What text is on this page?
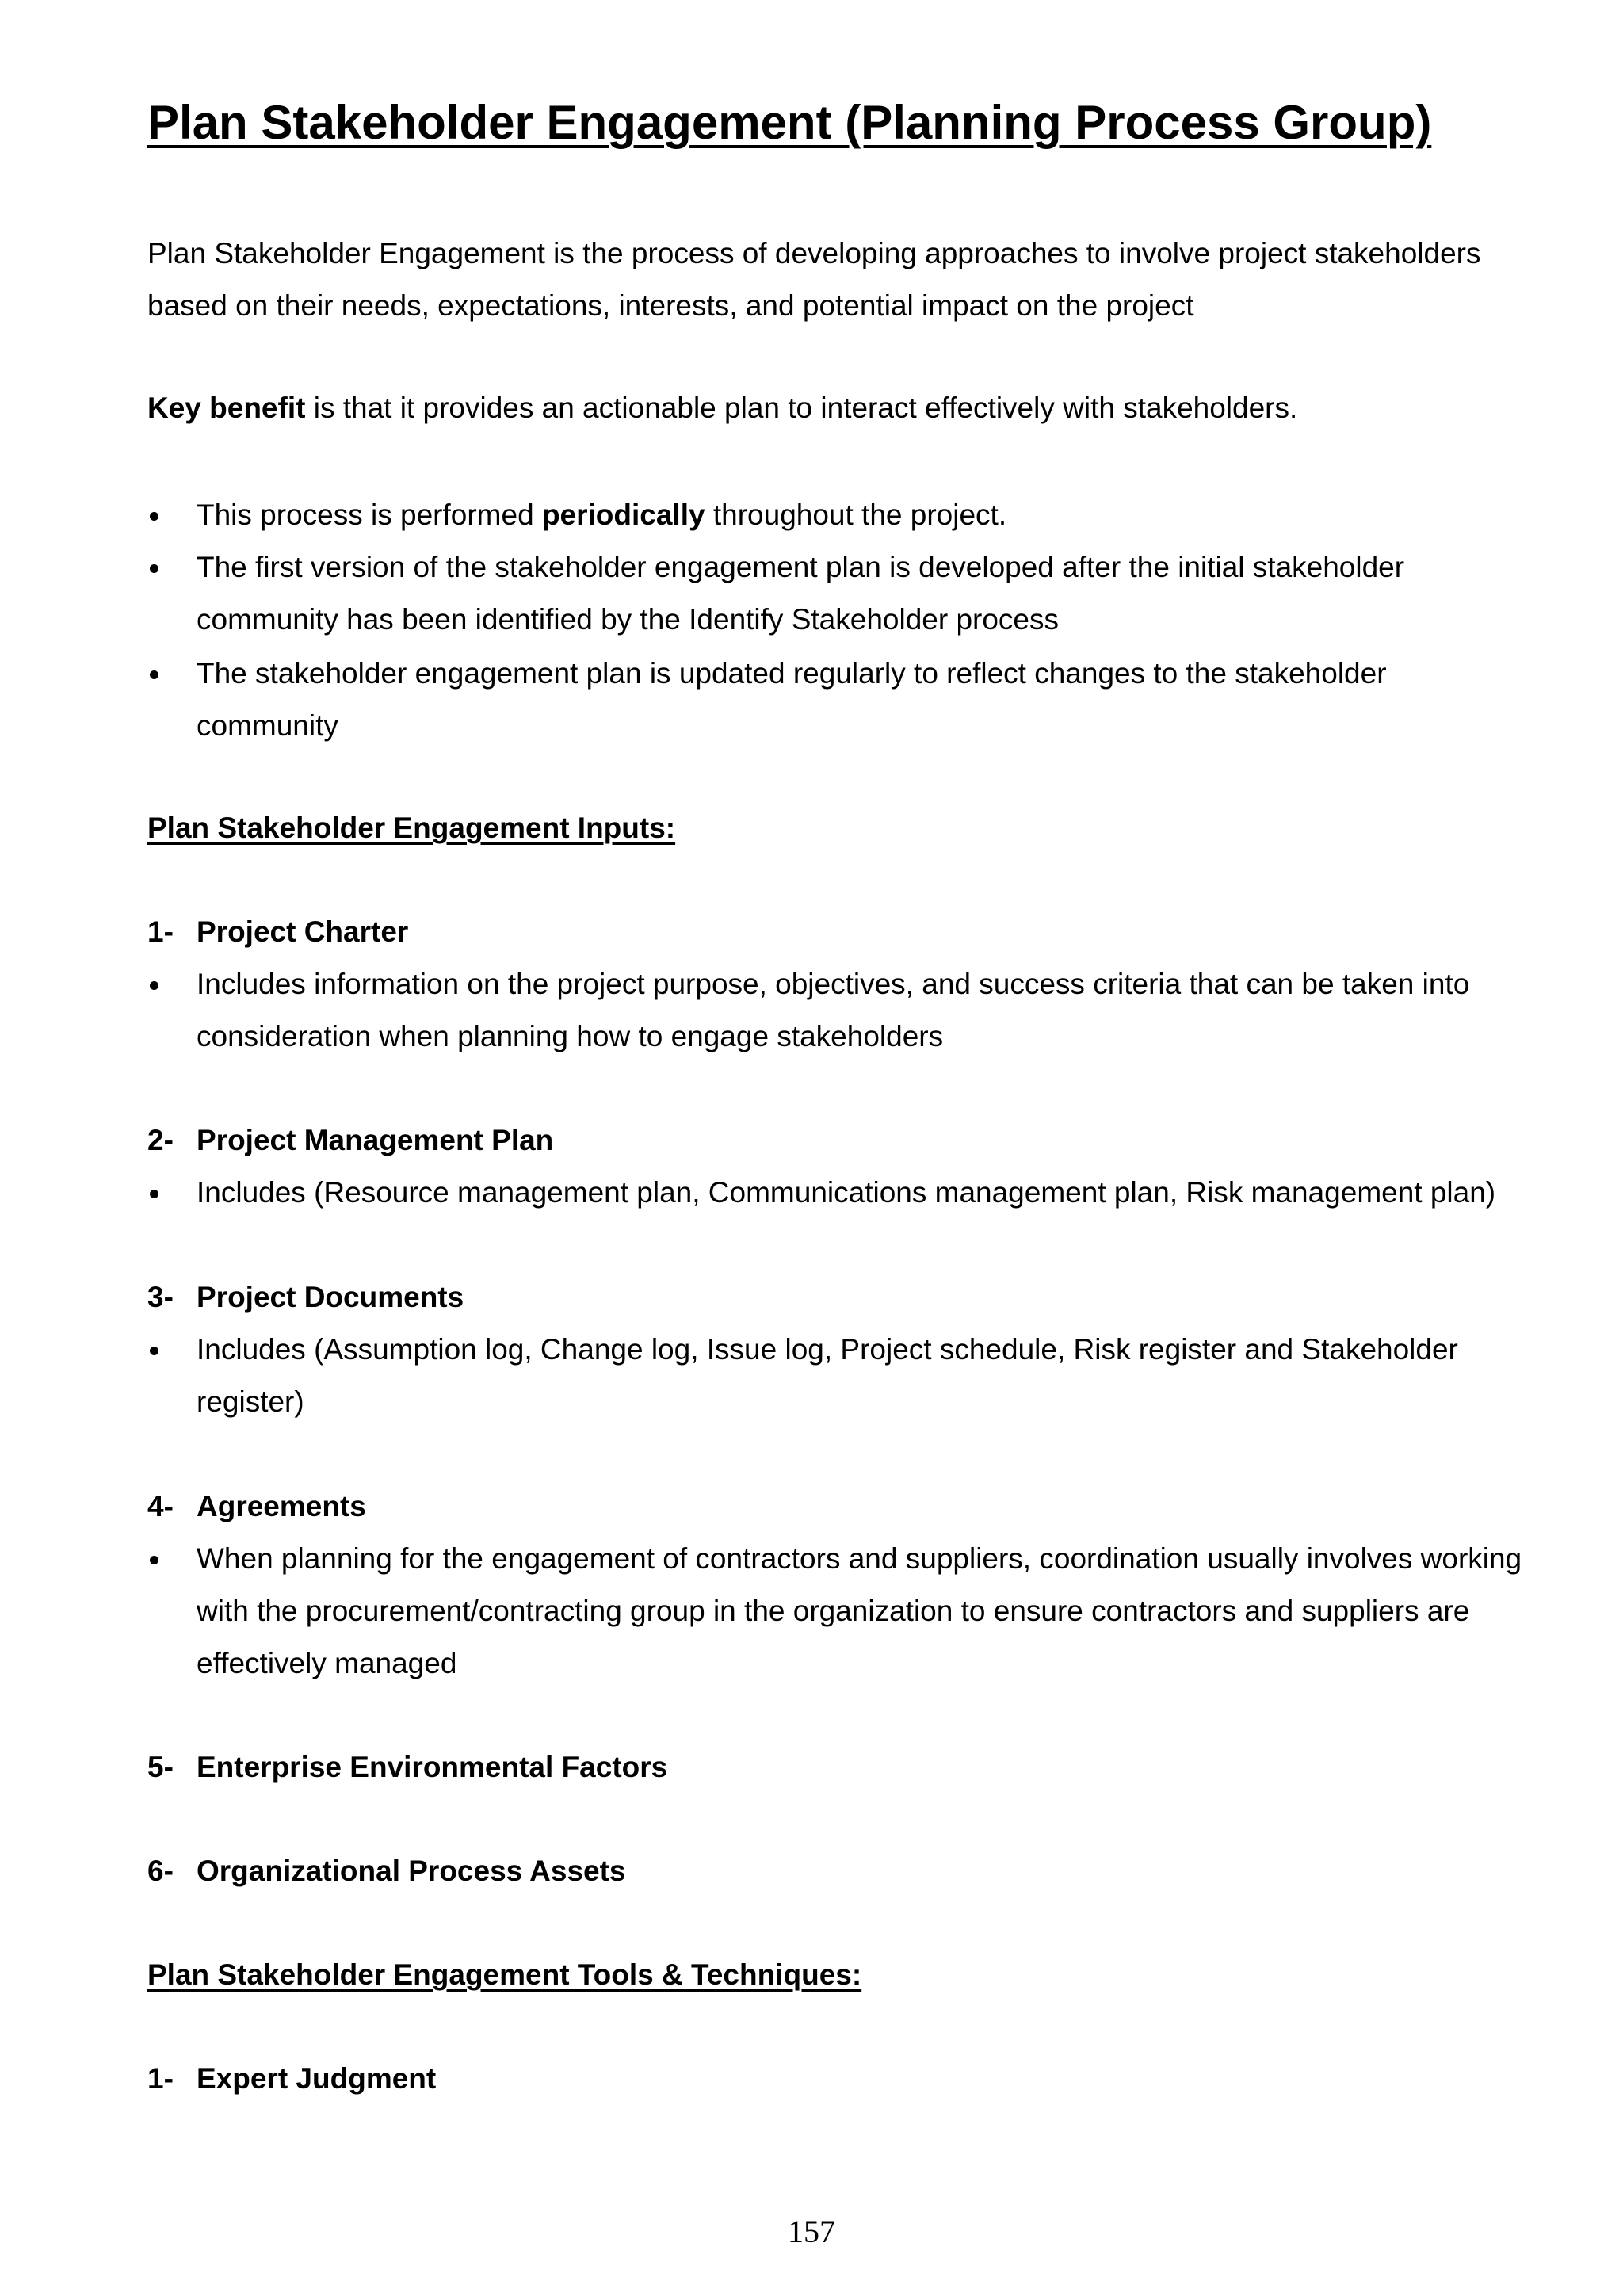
Plan Stakeholder Engagement (Planning Process Group)

Plan Stakeholder Engagement is the process of developing approaches to involve project stakeholders based on their needs, expectations, interests, and potential impact on the project

Key benefit is that it provides an actionable plan to interact effectively with stakeholders.

This process is performed periodically throughout the project.
The first version of the stakeholder engagement plan is developed after the initial stakeholder community has been identified by the Identify Stakeholder process
The stakeholder engagement plan is updated regularly to reflect changes to the stakeholder community
Plan Stakeholder Engagement Inputs:
1- Project Charter
Includes information on the project purpose, objectives, and success criteria that can be taken into consideration when planning how to engage stakeholders
2- Project Management Plan
Includes (Resource management plan, Communications management plan, Risk management plan)
3- Project Documents
Includes (Assumption log, Change log, Issue log, Project schedule, Risk register and Stakeholder register)
4- Agreements
When planning for the engagement of contractors and suppliers, coordination usually involves working with the procurement/contracting group in the organization to ensure contractors and suppliers are effectively managed
5- Enterprise Environmental Factors
6- Organizational Process Assets
Plan Stakeholder Engagement Tools & Techniques:
1- Expert Judgment
157
